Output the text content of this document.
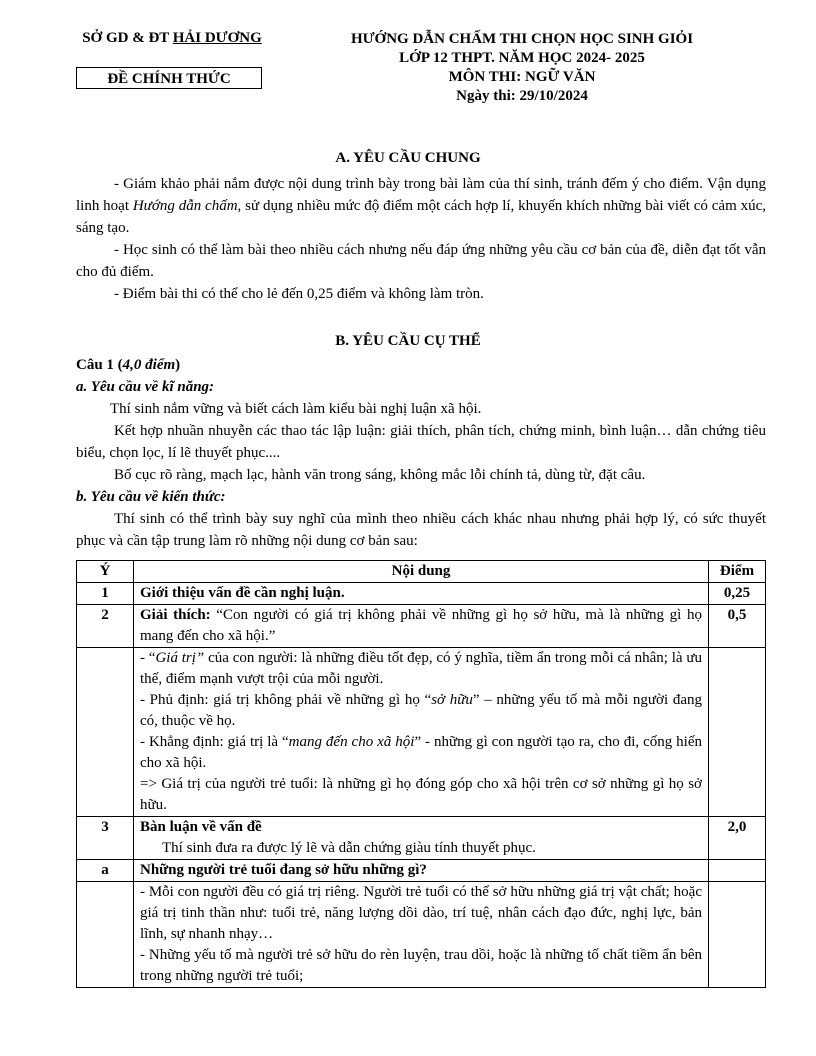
SỞ GD & ĐT HẢI DƯƠNG
ĐỀ CHÍNH THỨC
HƯỚNG DẪN CHẤM THI CHỌN HỌC SINH GIỎI
LỚP 12 THPT. NĂM HỌC 2024- 2025
MÔN THI: NGỮ VĂN
Ngày thi: 29/10/2024
A. YÊU CẦU CHUNG

- Giám khảo phải nắm được nội dung trình bày trong bài làm của thí sinh, tránh đếm ý cho điểm. Vận dụng linh hoạt Hướng dẫn chấm, sử dụng nhiều mức độ điểm một cách hợp lí, khuyến khích những bài viết có cảm xúc, sáng tạo.

- Học sinh có thể làm bài theo nhiều cách nhưng nếu đáp ứng những yêu cầu cơ bản của đề, diễn đạt tốt vẫn cho đủ điểm.

- Điểm bài thi có thể cho lẻ đến 0,25 điểm và không làm tròn.

B. YÊU CẦU CỤ THỂ

Câu 1 (4,0 điểm)

a. Yêu cầu về kĩ năng:

Thí sinh nắm vững và biết cách làm kiểu bài nghị luận xã hội.

Kết hợp nhuần nhuyễn các thao tác lập luận: giải thích, phân tích, chứng minh, bình luận… dẫn chứng tiêu biểu, chọn lọc, lí lẽ thuyết phục....

Bố cục rõ ràng, mạch lạc, hành văn trong sáng, không mắc lỗi chính tả, dùng từ, đặt câu.

b. Yêu cầu về kiến thức:

Thí sinh có thể trình bày suy nghĩ của mình theo nhiều cách khác nhau nhưng phải hợp lý, có sức thuyết phục và cần tập trung làm rõ những nội dung cơ bản sau:

Ý	Nội dung	Điểm
1	Giới thiệu vấn đề cần nghị luận.	0,25
2	Giải thích: “Con người có giá trị không phải về những gì họ sở hữu, mà là những gì họ mang đến cho xã hội.”	0,5

	- “Giá trị” của con người: là những điều tốt đẹp, có ý nghĩa, tiềm ẩn trong mỗi cá nhân; là ưu thế, điểm mạnh vượt trội của mỗi người.
- Phủ định: giá trị không phải về những gì họ “sở hữu” – những yếu tố mà mỗi người đang có, thuộc về họ.
- Khẳng định: giá trị là “mang đến cho xã hội” - những gì con người tạo ra, cho đi, cống hiến cho xã hội.
=> Giá trị của người trẻ tuổi: là những gì họ đóng góp cho xã hội trên cơ sở những gì họ sở hữu.	

3	Bàn luận về vấn đề
Thí sinh đưa ra được lý lẽ và dẫn chứng giàu tính thuyết phục.	2,0
a	Những người trẻ tuổi đang sở hữu những gì?	

	- Mỗi con người đều có giá trị riêng. Người trẻ tuổi có thể sở hữu những giá trị vật chất; hoặc giá trị tinh thần như: tuổi trẻ, năng lượng dồi dào, trí tuệ, nhân cách đạo đức, nghị lực, bản lĩnh, sự nhanh nhạy…
- Những yếu tố mà người trẻ sở hữu do rèn luyện, trau dồi, hoặc là những tố chất tiềm ẩn bên trong những người trẻ tuổi;	
